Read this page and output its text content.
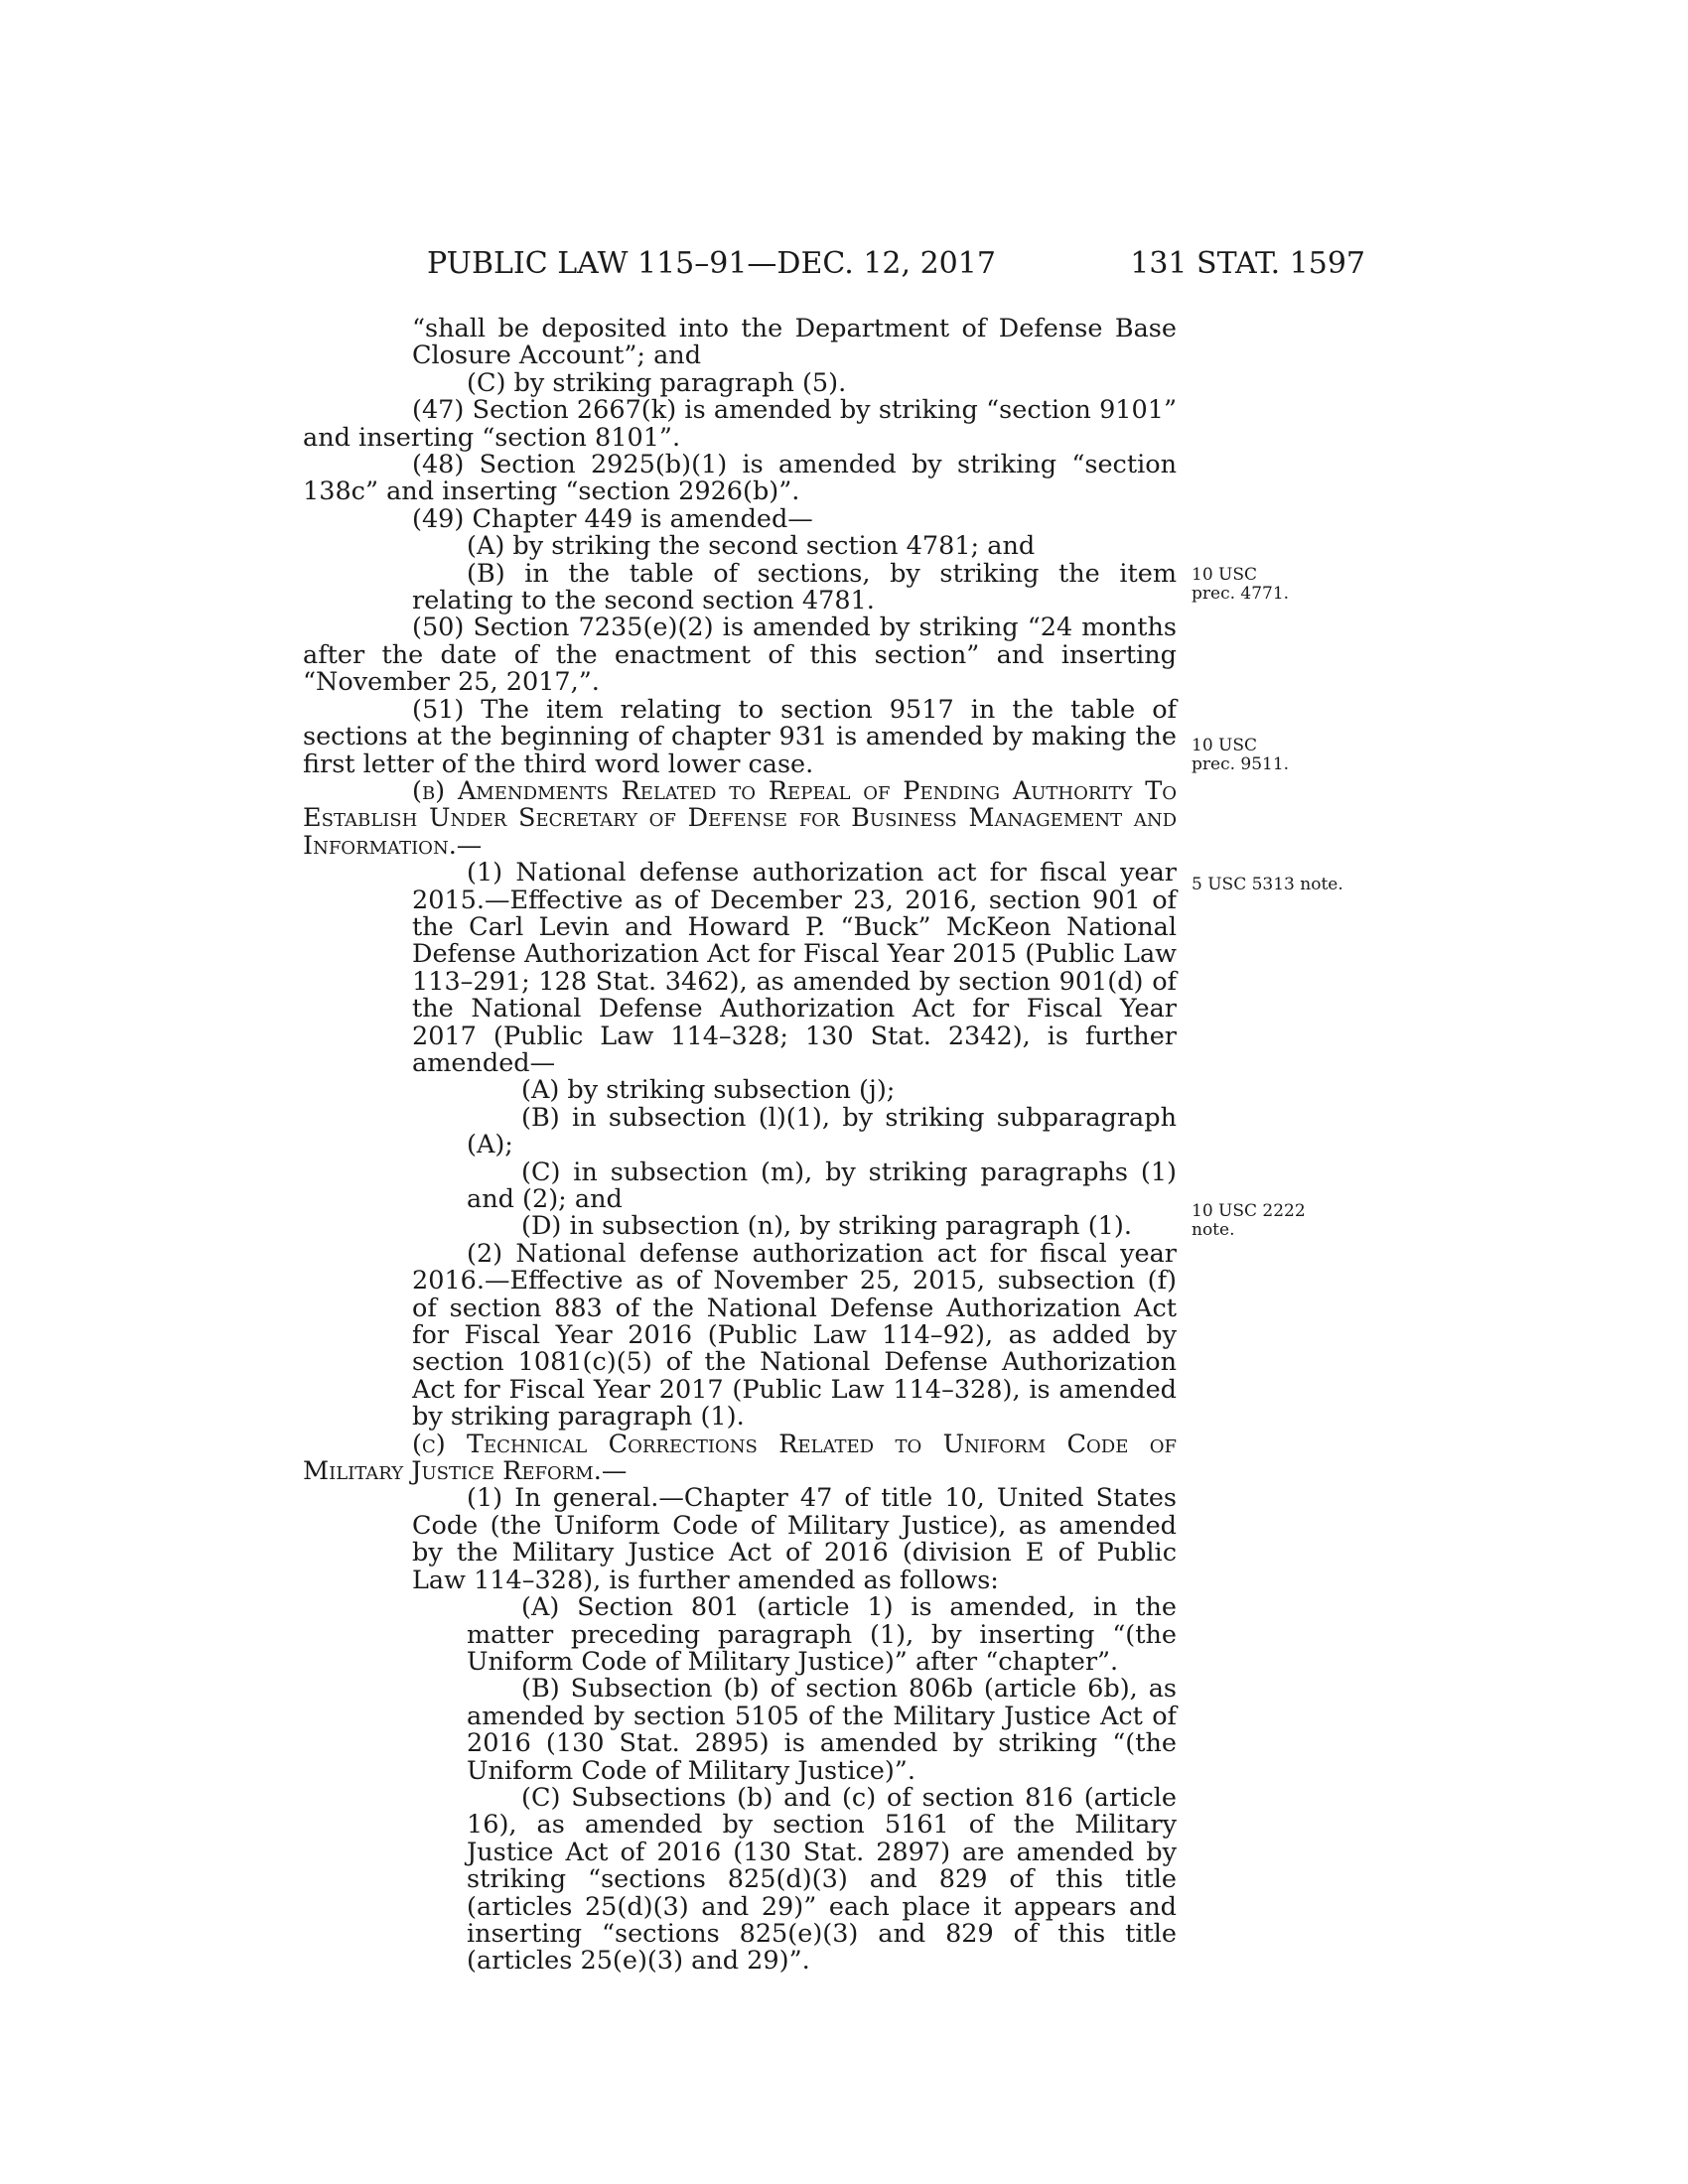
PUBLIC LAW 115–91—DEC. 12, 2017	131 STAT. 1597

“shall be deposited into the Department of Defense Base Closure Account”; and

(C) by striking paragraph (5).

(47) Section 2667(k) is amended by striking “section 9101” and inserting “section 8101”.

(48) Section 2925(b)(1) is amended by striking “section 138c” and inserting “section 2926(b)”.

(49) Chapter 449 is amended—

(A) by striking the second section 4781; and

(B) in the table of sections, by striking the item relating to the second section 4781.

(50) Section 7235(e)(2) is amended by striking “24 months after the date of the enactment of this section” and inserting “November 25, 2017,”.

(51) The item relating to section 9517 in the table of sections at the beginning of chapter 931 is amended by making the first letter of the third word lower case.

(b) Amendments Related to Repeal of Pending Authority To Establish Under Secretary of Defense for Business Management and Information.—

(1) National defense authorization act for fiscal year 2015.—Effective as of December 23, 2016, section 901 of the Carl Levin and Howard P. “Buck” McKeon National Defense Authorization Act for Fiscal Year 2015 (Public Law 113–291; 128 Stat. 3462), as amended by section 901(d) of the National Defense Authorization Act for Fiscal Year 2017 (Public Law 114–328; 130 Stat. 2342), is further amended—

(A) by striking subsection (j);

(B) in subsection (l)(1), by striking subparagraph (A);

(C) in subsection (m), by striking paragraphs (1) and (2); and

(D) in subsection (n), by striking paragraph (1).

(2) National defense authorization act for fiscal year 2016.—Effective as of November 25, 2015, subsection (f) of section 883 of the National Defense Authorization Act for Fiscal Year 2016 (Public Law 114–92), as added by section 1081(c)(5) of the National Defense Authorization Act for Fiscal Year 2017 (Public Law 114–328), is amended by striking paragraph (1).

(c) Technical Corrections Related to Uniform Code of Military Justice Reform.—

(1) In general.—Chapter 47 of title 10, United States Code (the Uniform Code of Military Justice), as amended by the Military Justice Act of 2016 (division E of Public Law 114–328), is further amended as follows:

(A) Section 801 (article 1) is amended, in the matter preceding paragraph (1), by inserting “(the Uniform Code of Military Justice)” after “chapter”.

(B) Subsection (b) of section 806b (article 6b), as amended by section 5105 of the Military Justice Act of 2016 (130 Stat. 2895) is amended by striking “(the Uniform Code of Military Justice)”.

(C) Subsections (b) and (c) of section 816 (article 16), as amended by section 5161 of the Military Justice Act of 2016 (130 Stat. 2897) are amended by striking “sections 825(d)(3) and 829 of this title (articles 25(d)(3) and 29)” each place it appears and inserting “sections 825(e)(3) and 829 of this title (articles 25(e)(3) and 29)”.

10 USC
prec. 4771.
10 USC
prec. 9511.
5 USC 5313 note.
10 USC 2222
note.
